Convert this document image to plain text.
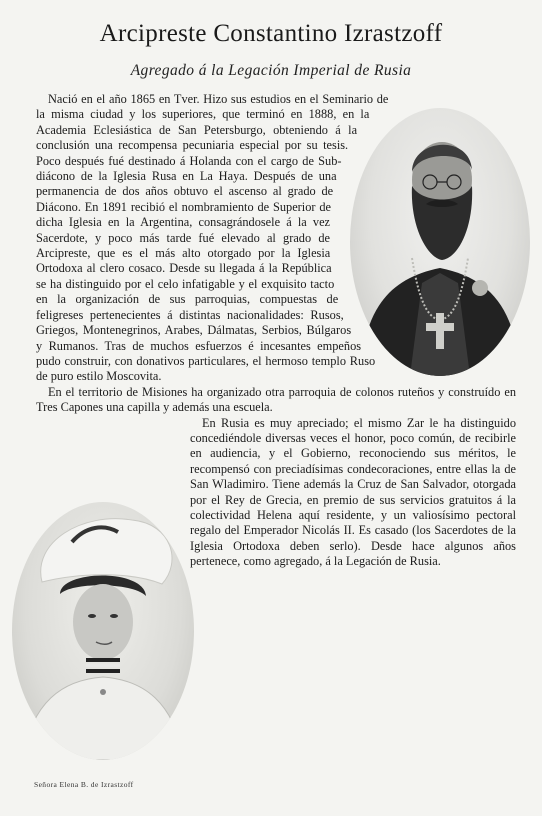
Arcipreste Constantino Izrastzoff
Agregado á la Legación Imperial de Rusia

Nació en el año 1865 en Tver. Hizo sus estudios en el Seminario de la misma ciudad y los superiores, que terminó en 1888, en la Academia Eclesiástica de San Petersburgo, obteniendo á la conclusión una recompensa pecuniaria especial por su tesis. Poco después fué destinado á Holanda con el cargo de Sub-diácono de la Iglesia Rusa en La Haya. Después de una permanencia de dos años obtuvo el ascenso al grado de Diácono. En 1891 recibió el nombramiento de Superior de dicha Iglesia en la Argentina, consagrándosele á la vez Sacerdote, y poco más tarde fué elevado al grado de Arcipreste, que es el más alto otorgado por la Iglesia Ortodoxa al clero cosaco. Desde su llegada á la República se ha distinguido por el celo infatigable y el exquisito tacto en la organización de sus parroquias, compuestas de feligreses pertenecientes á distintas nacionalidades: Rusos, Griegos, Montenegrinos, Arabes, Dálmatas, Serbios, Búlgaros y Rumanos. Tras de muchos esfuerzos é incesantes empeños pudo construir, con donativos particulares, el hermoso templo Ruso de puro estilo Moscovita.

En el territorio de Misiones ha organizado otra parroquia de colonos ruteños y construído en Tres Capones una capilla y además una escuela.

En Rusia es muy apreciado; el mismo Zar le ha distinguido concediéndole diversas veces el honor, poco común, de recibirle en audiencia, y el Gobierno, reconociendo sus méritos, le recompensó con preciadísimas condecoraciones, entre ellas la de San Wladimiro. Tiene además la Cruz de San Salvador, otorgada por el Rey de Grecia, en premio de sus servicios gratuitos á la colectividad Helena aquí residente, y un valiosísimo pectoral regalo del Emperador Nicolás II. Es casado (los Sacerdotes de la Iglesia Ortodoxa deben serlo). Desde hace algunos años pertenece, como agregado, á la Legación de Rusia.

Señora Elena B. de Izrastzoff
